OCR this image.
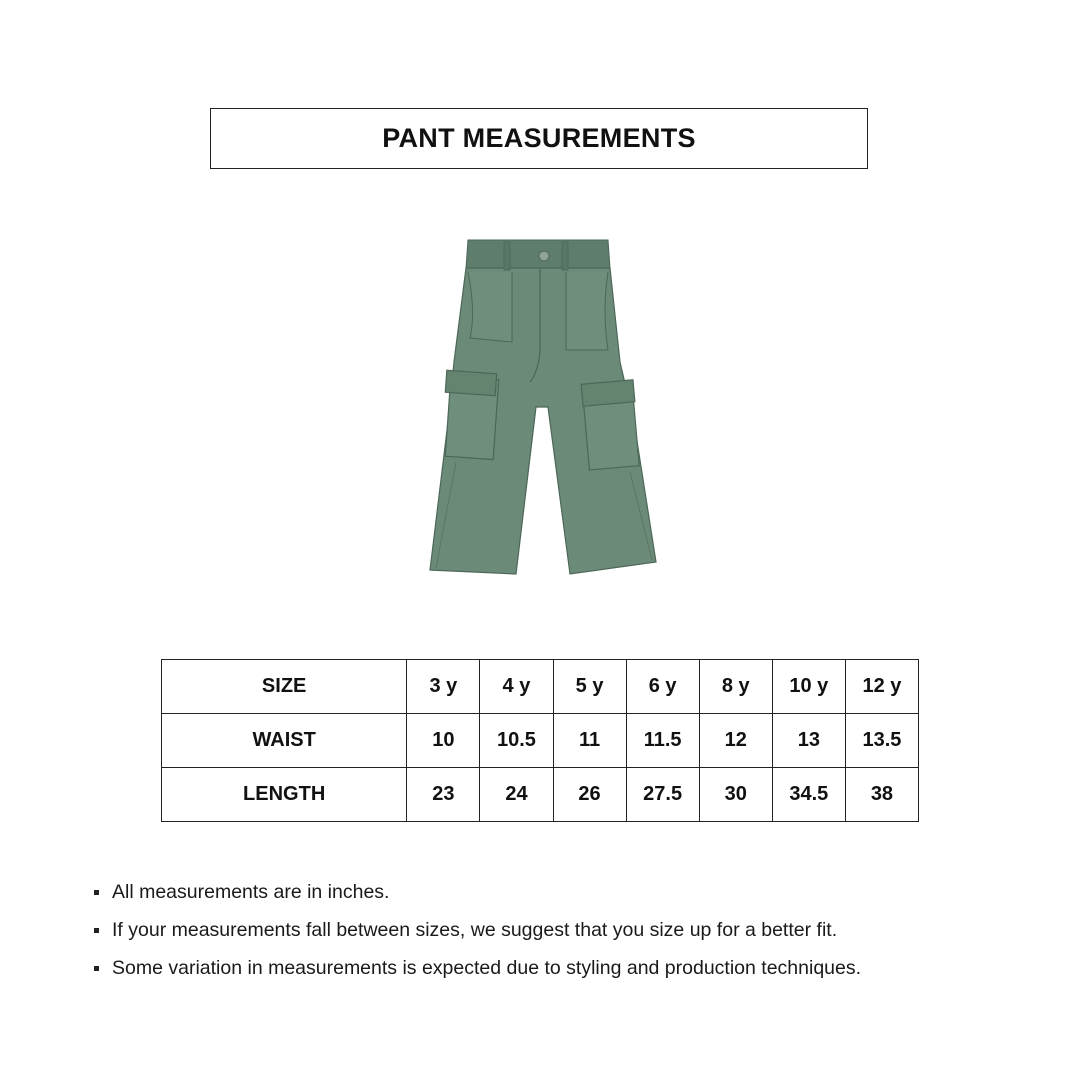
PANT MEASUREMENTS
SIZE	3 y	4 y	5 y	6 y	8 y	10 y	12 y
WAIST	10	10.5	11	11.5	12	13	13.5
LENGTH	23	24	26	27.5	30	34.5	38
All measurements are in inches.
If your measurements fall between sizes, we suggest that you size up for a better fit.
Some variation in measurements is expected due to styling and production techniques.
